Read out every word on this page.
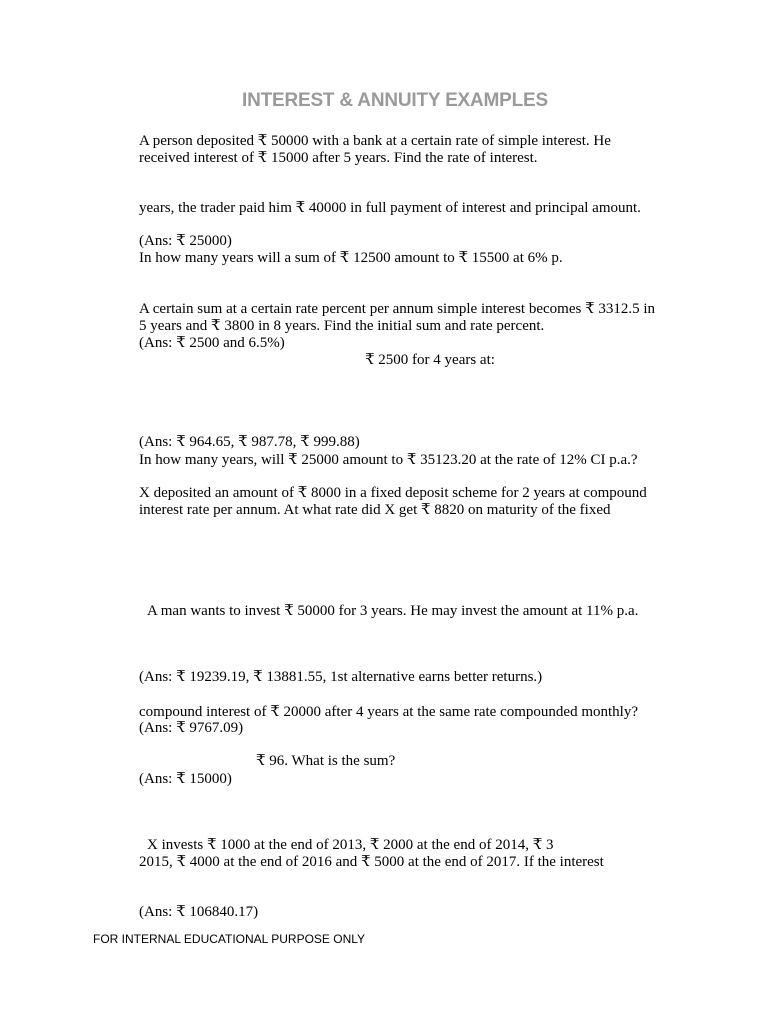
INTEREST & ANNUITY EXAMPLES
A person deposited ₹ 50000 with a bank at a certain rate of simple interest. He
received interest of ₹ 15000 after 5 years. Find the rate of interest.
years, the trader paid him ₹ 40000 in full payment of interest and principal amount.
(Ans: ₹ 25000)
In how many years will a sum of ₹ 12500 amount to ₹ 15500 at 6% p.
A certain sum at a certain rate percent per annum simple interest becomes ₹ 3312.5 in
5 years and ₹ 3800 in 8 years. Find the initial sum and rate percent.
(Ans: ₹ 2500 and 6.5%)
₹ 2500 for 4 years at:
(Ans: ₹ 964.65, ₹ 987.78, ₹ 999.88)
In how many years, will ₹ 25000 amount to ₹ 35123.20 at the rate of 12% CI p.a.?
X deposited an amount of ₹ 8000 in a fixed deposit scheme for 2 years at compound
interest rate per annum. At what rate did X get ₹ 8820 on maturity of the fixed
A man wants to invest ₹ 50000 for 3 years. He may invest the amount at 11% p.a.
(Ans: ₹ 19239.19, ₹ 13881.55, 1st alternative earns better returns.)
compound interest of ₹ 20000 after 4 years at the same rate compounded monthly?
(Ans: ₹ 9767.09)
₹ 96. What is the sum?
(Ans: ₹ 15000)
X invests ₹ 1000 at the end of 2013, ₹ 2000 at the end of 2014, ₹ 3
2015, ₹ 4000 at the end of 2016 and ₹ 5000 at the end of 2017. If the interest
(Ans: ₹ 106840.17)
FOR INTERNAL EDUCATIONAL PURPOSE ONLY
